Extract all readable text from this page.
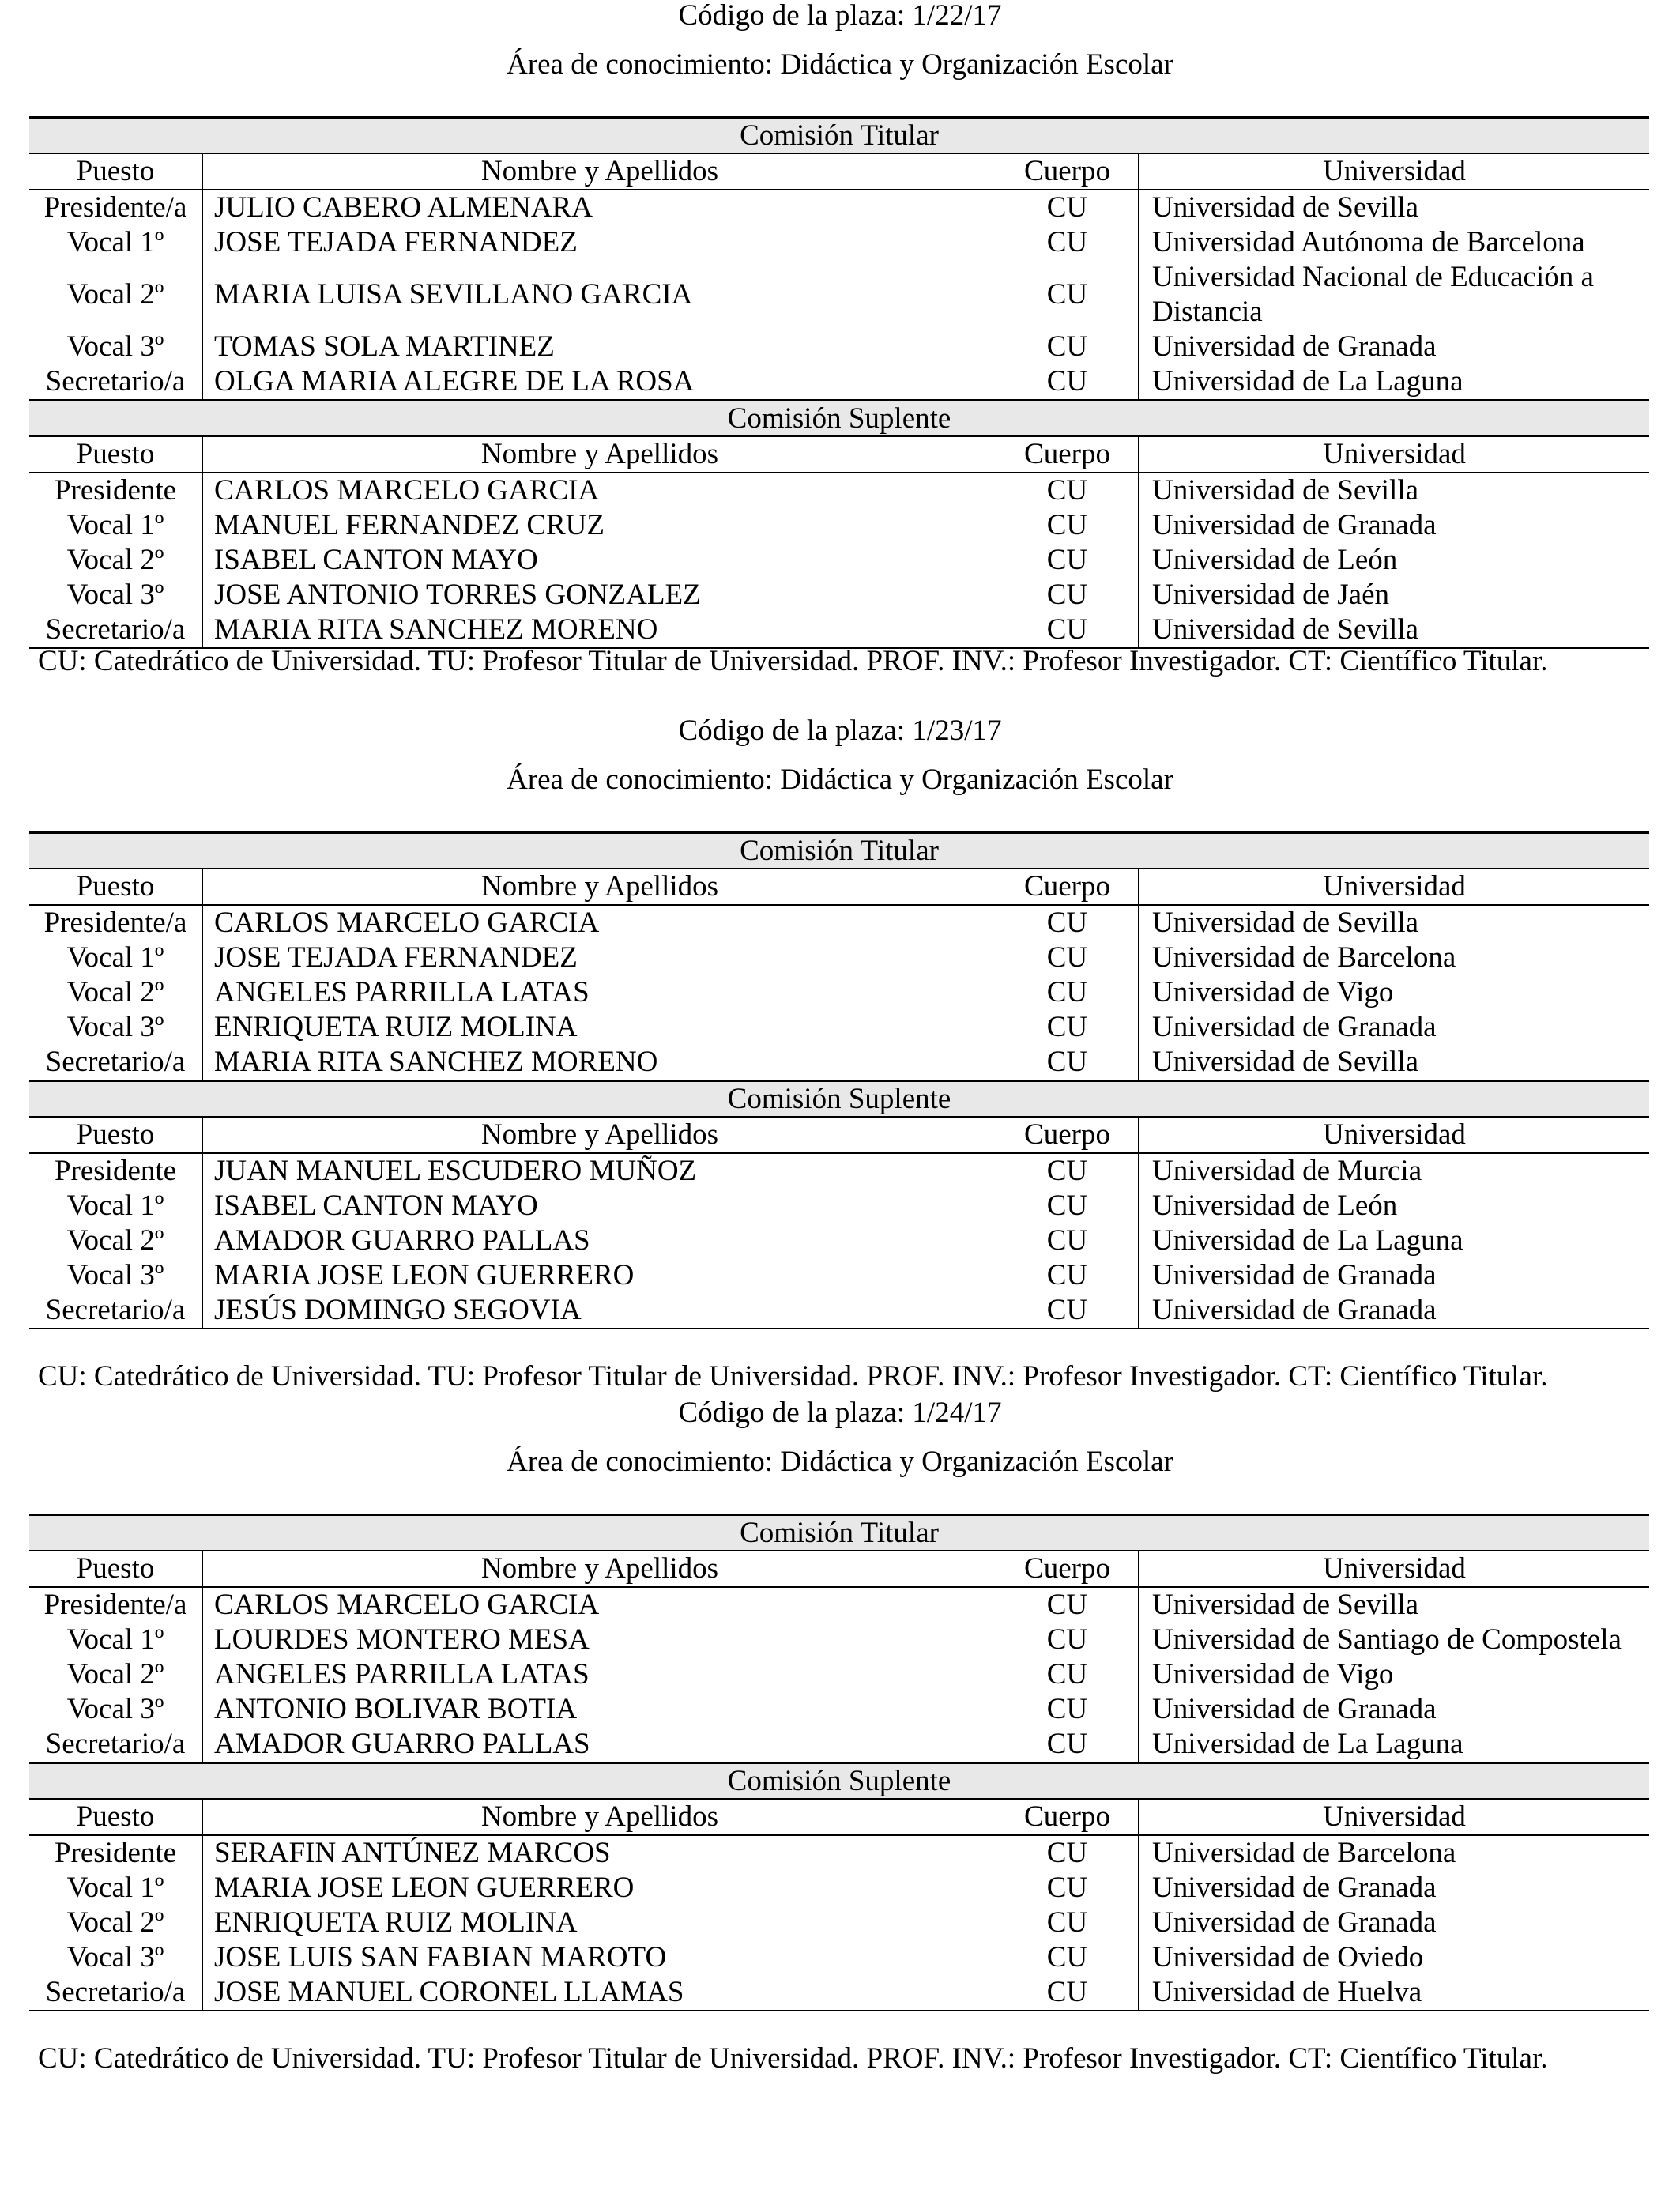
Código de la plaza: 1/22/17
Área de conocimiento: Didáctica y Organización Escolar
Comisión Titular			
Puesto	Nombre y Apellidos	Cuerpo	Universidad
Presidente/a	JULIO CABERO ALMENARA	CU	Universidad de Sevilla
Vocal 1º	JOSE TEJADA FERNANDEZ	CU	Universidad Autónoma de Barcelona
Vocal 2º	MARIA LUISA SEVILLANO GARCIA	CU	Universidad Nacional de Educación a Distancia
Vocal 3º	TOMAS SOLA MARTINEZ	CU	Universidad de Granada
Secretario/a	OLGA MARIA ALEGRE DE LA ROSA	CU	Universidad de La Laguna
Comisión Suplente			
Puesto	Nombre y Apellidos	Cuerpo	Universidad
Presidente	CARLOS MARCELO GARCIA	CU	Universidad de Sevilla
Vocal 1º	MANUEL FERNANDEZ CRUZ	CU	Universidad de Granada
Vocal 2º	ISABEL CANTON MAYO	CU	Universidad de León
Vocal 3º	JOSE ANTONIO TORRES GONZALEZ	CU	Universidad de Jaén
Secretario/a	MARIA RITA SANCHEZ MORENO	CU	Universidad de Sevilla
CU: Catedrático de Universidad. TU: Profesor Titular de Universidad. PROF. INV.: Profesor Investigador. CT: Científico Titular.
Código de la plaza: 1/23/17
Área de conocimiento: Didáctica y Organización Escolar
Comisión Titular			
Puesto	Nombre y Apellidos	Cuerpo	Universidad
Presidente/a	CARLOS MARCELO GARCIA	CU	Universidad de Sevilla
Vocal 1º	JOSE TEJADA FERNANDEZ	CU	Universidad de Barcelona
Vocal 2º	ANGELES PARRILLA LATAS	CU	Universidad de Vigo
Vocal 3º	ENRIQUETA RUIZ MOLINA	CU	Universidad de Granada
Secretario/a	MARIA RITA SANCHEZ MORENO	CU	Universidad de Sevilla
Comisión Suplente			
Puesto	Nombre y Apellidos	Cuerpo	Universidad
Presidente	JUAN MANUEL ESCUDERO MUÑOZ	CU	Universidad de Murcia
Vocal 1º	ISABEL CANTON MAYO	CU	Universidad de León
Vocal 2º	AMADOR GUARRO PALLAS	CU	Universidad de La Laguna
Vocal 3º	MARIA JOSE LEON GUERRERO	CU	Universidad de Granada
Secretario/a	JESÚS DOMINGO SEGOVIA	CU	Universidad de Granada
CU: Catedrático de Universidad. TU: Profesor Titular de Universidad. PROF. INV.: Profesor Investigador. CT: Científico Titular.
Código de la plaza: 1/24/17
Área de conocimiento: Didáctica y Organización Escolar
Comisión Titular			
Puesto	Nombre y Apellidos	Cuerpo	Universidad
Presidente/a	CARLOS MARCELO GARCIA	CU	Universidad de Sevilla
Vocal 1º	LOURDES MONTERO MESA	CU	Universidad de Santiago de Compostela
Vocal 2º	ANGELES PARRILLA LATAS	CU	Universidad de Vigo
Vocal 3º	ANTONIO BOLIVAR BOTIA	CU	Universidad de Granada
Secretario/a	AMADOR GUARRO PALLAS	CU	Universidad de La Laguna
Comisión Suplente			
Puesto	Nombre y Apellidos	Cuerpo	Universidad
Presidente	SERAFIN ANTÚNEZ MARCOS	CU	Universidad de Barcelona
Vocal 1º	MARIA JOSE LEON GUERRERO	CU	Universidad de Granada
Vocal 2º	ENRIQUETA RUIZ MOLINA	CU	Universidad de Granada
Vocal 3º	JOSE LUIS SAN FABIAN MAROTO	CU	Universidad de Oviedo
Secretario/a	JOSE MANUEL CORONEL LLAMAS	CU	Universidad de Huelva
CU: Catedrático de Universidad. TU: Profesor Titular de Universidad. PROF. INV.: Profesor Investigador. CT: Científico Titular.
